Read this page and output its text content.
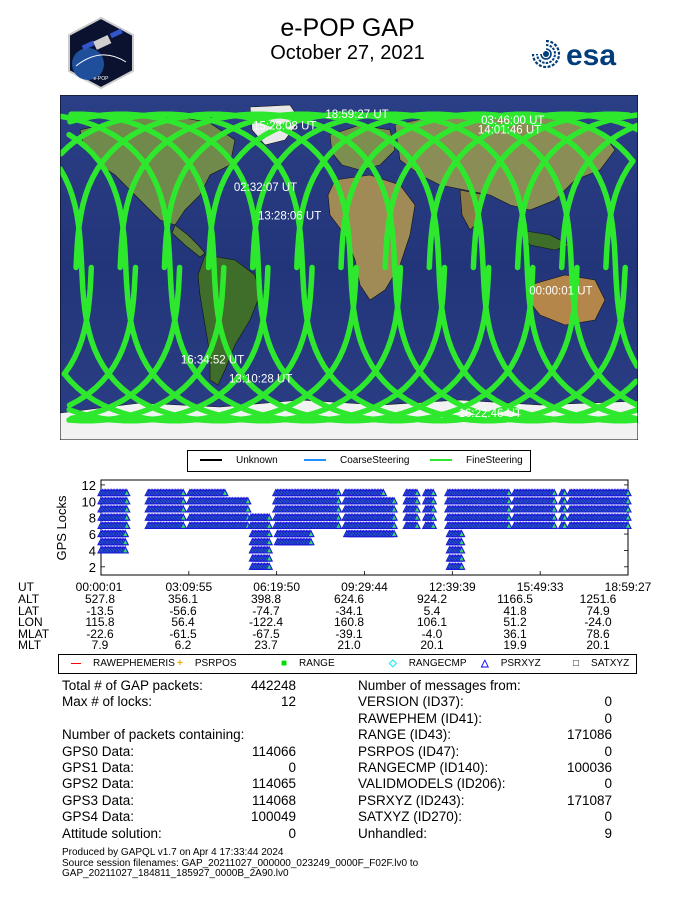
e-POP GAP
October 27, 2021
e-POP
esa
18:59:27 UT
15:28:08 UT	03:46:00 UT
14:01:46 UT
02:32:07 UT
13:28:06 UT
00:00:01 UT
16:34:52 UT
13:10:28 UT
16:22:46 UT
Unknown	CoarseSteering	FineSteering
GPS Locks
2
4
6
8
10
12
UT	00:00:01	03:09:55	06:19:50	09:29:44	12:39:39	15:49:33	18:59:27
ALT	527.8	356.1	398.8	624.6	924.2	1166.5	1251.6
LAT	-13.5	-56.6	-74.7	-34.1	5.4	41.8	74.9
LON	115.8	56.4	-122.4	160.8	106.1	51.2	-24.0
MLAT	-22.6	-61.5	-67.5	-39.1	-4.0	36.1	78.6
MLT	7.9	6.2	23.7	21.0	20.1	19.9	20.1
— RAWEPHEMERIS + PSRPOS	■ RANGE	◇ RANGECMP △ PSRXYZ	□ SATXYZ
Total # of GAP packets:	442248
Max # of locks:	12
Number of packets containing:
GPS0 Data:	114066
GPS1 Data:	0
GPS2 Data:	114065
GPS3 Data:	114068
GPS4 Data:	100049
Attitude solution:	0
Number of messages from:
VERSION (ID37):	0
RAWEPHEM (ID41):	0
RANGE (ID43):	171086
PSRPOS (ID47):	0
RANGECMP (ID140):	100036
VALIDMODELS (ID206):	0
PSRXYZ (ID243):	171087
SATXYZ (ID270):	0
Unhandled:	9
Produced by GAPQL v1.7 on Apr 4 17:33:44 2024
Source session filenames: GAP_20211027_000000_023249_0000F_F02F.lv0 to
GAP_20211027_184811_185927_0000B_2A90.lv0
